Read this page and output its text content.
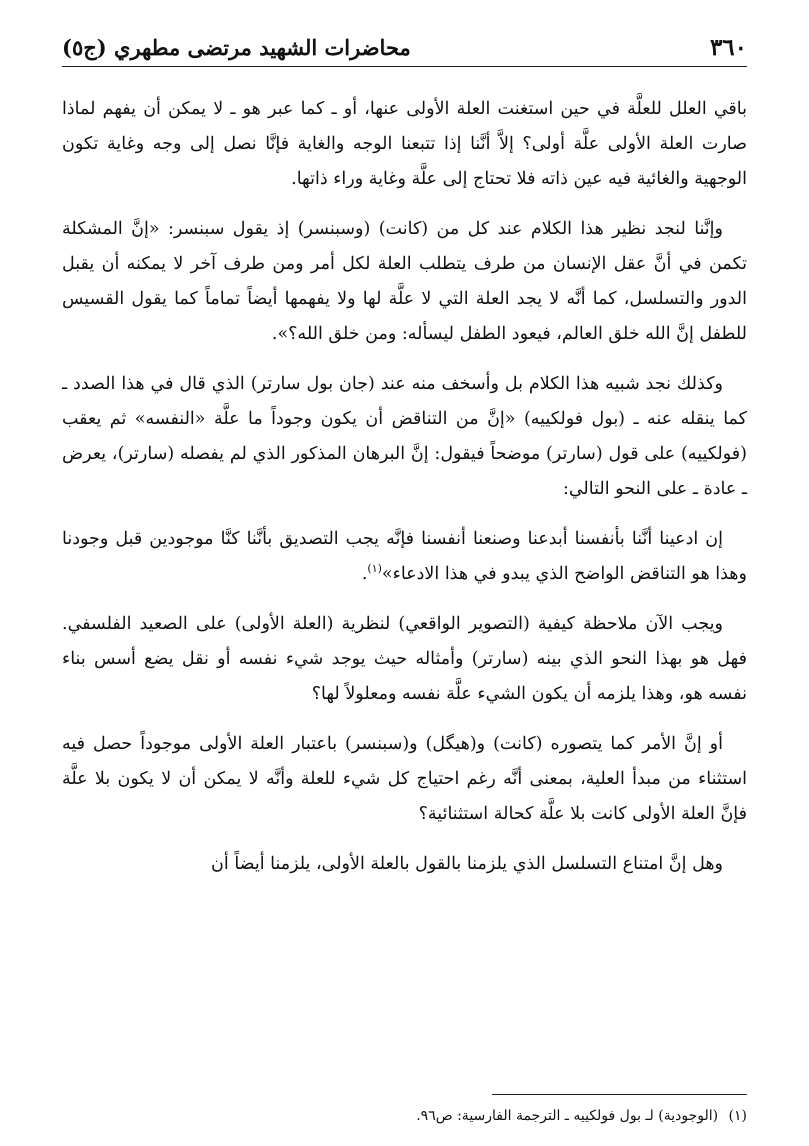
٣٦٠
محاضرات الشهيد مرتضى مطهري (ج٥)

باقي العلل للعلَّة في حين استغنت العلة الأولى عنها، أو ـ كما عبر هو ـ لا يمكن أن يفهم لماذا صارت العلة الأولى علَّة أولى؟ إلاَّ أنَّنا إذا تتبعنا الوجه والغاية فإنَّا نصل إلى وجه وغاية تكون الوجهية والغائية فيه عين ذاته فلا تحتاج إلى علَّة وغاية وراء ذاتها.

وإنَّنا لنجد نظير هذا الكلام عند كل من (كانت) (وسبنسر) إذ يقول سبنسر: «إنَّ المشكلة تكمن في أنَّ عقل الإنسان من طرف يتطلب العلة لكل أمر ومن طرف آخر لا يمكنه أن يقبل الدور والتسلسل، كما أنَّه لا يجد العلة التي لا علَّة لها ولا يفهمها أيضاً تماماً كما يقول القسيس للطفل إنَّ الله خلق العالم، فيعود الطفل ليسأله: ومن خلق الله؟».

وكذلك نجد شبيه هذا الكلام بل وأسخف منه عند (جان بول سارتر) الذي قال في هذا الصدد ـ كما ينقله عنه ـ (بول فولكييه) «إنَّ من التناقض أن يكون وجوداً ما علَّة «النفسه» ثم يعقب (فولكييه) على قول (سارتر) موضحاً فيقول: إنَّ البرهان المذكور الذي لم يفصله (سارتر)، يعرض ـ عادة ـ على النحو التالي:

إن ادعينا أنَّنا بأنفسنا أبدعنا وصنعنا أنفسنا فإنَّه يجب التصديق بأنَّنا كنَّا موجودين قبل وجودنا وهذا هو التناقض الواضح الذي يبدو في هذا الادعاء»$^{(١)}$.

ويجب الآن ملاحظة كيفية (التصوير الواقعي) لنظرية (العلة الأولى) على الصعيد الفلسفي. فهل هو بهذا النحو الذي بينه (سارتر) وأمثاله حيث يوجد شيء نفسه أو نقل يضع أسس بناء نفسه هو، وهذا يلزمه أن يكون الشيء علَّة نفسه ومعلولاً لها؟

أو إنَّ الأمر كما يتصوره (كانت) و(هيگل) و(سبنسر) باعتبار العلة الأولى موجوداً حصل فيه استثناء من مبدأ العلية، بمعنى أنَّه رغم احتياج كل شيء للعلة وأنَّه لا يمكن أن لا يكون بلا علَّة فإنَّ العلة الأولى كانت بلا علَّة كحالة استثنائية؟

وهل إنَّ امتناع التسلسل الذي يلزمنا بالقول بالعلة الأولى، يلزمنا أيضاً أن

(١) (الوجودية) لـ بول فولكييه ـ الترجمة الفارسية: ص٩٦.
